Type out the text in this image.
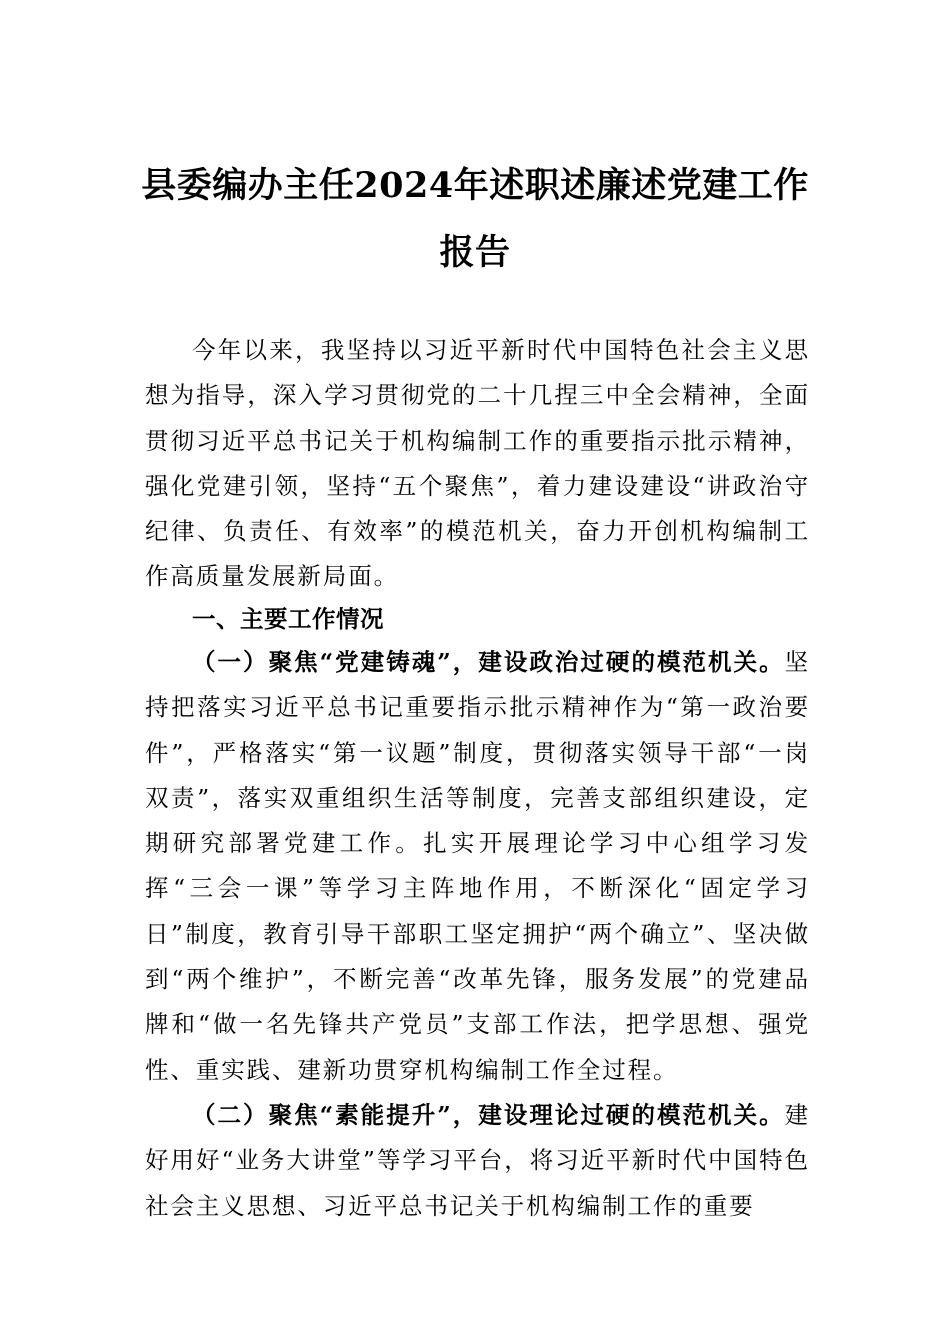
县委编办主任2024年述职述廉述党建工作
报告

今年以来，我坚持以习近平新时代中国特色社会主义思想为指导，深入学习贯彻党的二十几捏三中全会精神，全面贯彻习近平总书记关于机构编制工作的重要指示批示精神，强化党建引领，坚持“五个聚焦”，着力建设建设“讲政治守纪律、负责任、有效率”的模范机关，奋力开创机构编制工作高质量发展新局面。

一、主要工作情况

（一）聚焦“党建铸魂”，建设政治过硬的模范机关。坚持把落实习近平总书记重要指示批示精神作为“第一政治要件”，严格落实“第一议题”制度，贯彻落实领导干部“一岗双责”，落实双重组织生活等制度，完善支部组织建设，定期研究部署党建工作。扎实开展理论学习中心组学习发挥“三会一课”等学习主阵地作用，不断深化“固定学习日”制度，教育引导干部职工坚定拥护“两个确立”、坚决做到“两个维护”，不断完善“改革先锋，服务发展”的党建品牌和“做一名先锋共产党员”支部工作法，把学思想、强党性、重实践、建新功贯穿机构编制工作全过程。

（二）聚焦“素能提升”，建设理论过硬的模范机关。建好用好“业务大讲堂”等学习平台，将习近平新时代中国特色社会主义思想、习近平总书记关于机构编制工作的重要
